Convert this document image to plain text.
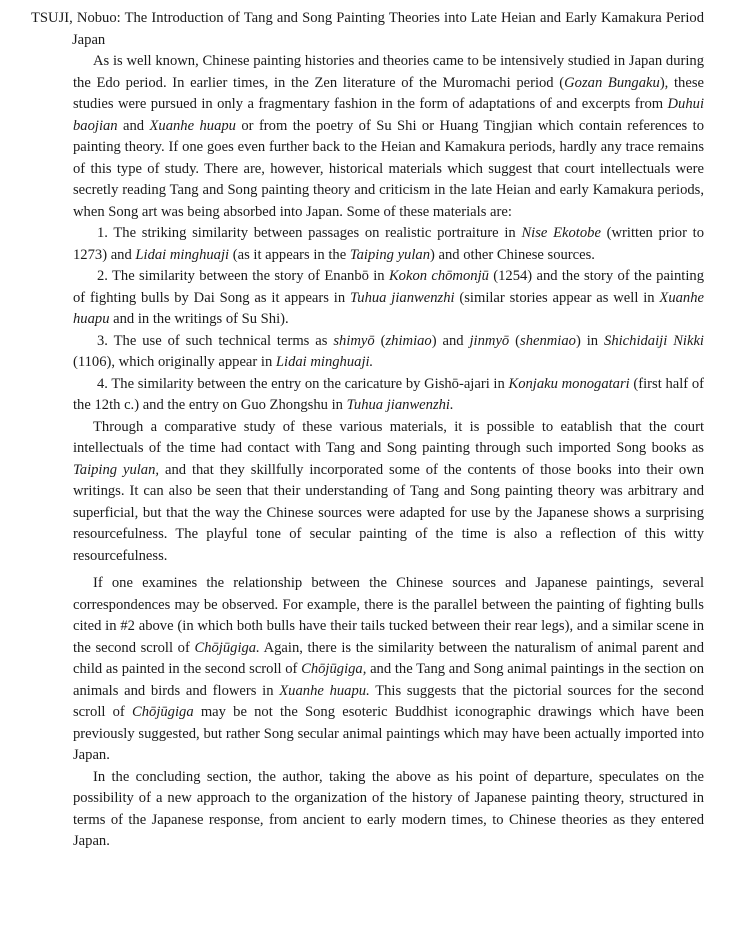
TSUJI, Nobuo: The Introduction of Tang and Song Painting Theories into Late Heian and Early Kamakura Period Japan

As is well known, Chinese painting histories and theories came to be intensively studied in Japan during the Edo period. In earlier times, in the Zen literature of the Muromachi period (Gozan Bungaku), these studies were pursued in only a fragmentary fashion in the form of adaptations of and excerpts from Duhui baojian and Xuanhe huapu or from the poetry of Su Shi or Huang Tingjian which contain references to painting theory. If one goes even further back to the Heian and Kamakura periods, hardly any trace remains of this type of study. There are, however, historical materials which suggest that court intellectuals were secretly reading Tang and Song painting theory and criticism in the late Heian and early Kamakura periods, when Song art was being absorbed into Japan. Some of these materials are:

1. The striking similarity between passages on realistic portraiture in Nise Ekotobe (written prior to 1273) and Lidai minghuaji (as it appears in the Taiping yulan) and other Chinese sources.

2. The similarity between the story of Enanbō in Kokon chōmonjū (1254) and the story of the painting of fighting bulls by Dai Song as it appears in Tuhua jianwenzhi (similar stories appear as well in Xuanhe huapu and in the writings of Su Shi).

3. The use of such technical terms as shimyō (zhimiao) and jinmyō (shenmiao) in Shichidaiji Nikki (1106), which originally appear in Lidai minghuaji.

4. The similarity between the entry on the caricature by Gishō-ajari in Konjaku monogatari (first half of the 12th c.) and the entry on Guo Zhongshu in Tuhua jianwenzhi.

Through a comparative study of these various materials, it is possible to eatablish that the court intellectuals of the time had contact with Tang and Song painting through such imported Song books as Taiping yulan, and that they skillfully incorporated some of the contents of those books into their own writings. It can also be seen that their understanding of Tang and Song painting theory was arbitrary and superficial, but that the way the Chinese sources were adapted for use by the Japanese shows a surprising resourcefulness. The playful tone of secular painting of the time is also a reflection of this witty resourcefulness.

If one examines the relationship between the Chinese sources and Japanese paintings, several correspondences may be observed. For example, there is the parallel between the painting of fighting bulls cited in #2 above (in which both bulls have their tails tucked between their rear legs), and a similar scene in the second scroll of Chōjūgiga. Again, there is the similarity between the naturalism of animal parent and child as painted in the second scroll of Chōjūgiga, and the Tang and Song animal paintings in the section on animals and birds and flowers in Xuanhe huapu. This suggests that the pictorial sources for the second scroll of Chōjūgiga may be not the Song esoteric Buddhist iconographic drawings which have been previously suggested, but rather Song secular animal paintings which may have been actually imported into Japan.

In the concluding section, the author, taking the above as his point of departure, speculates on the possibility of a new approach to the organization of the history of Japanese painting theory, structured in terms of the Japanese response, from ancient to early modern times, to Chinese theories as they entered Japan.
